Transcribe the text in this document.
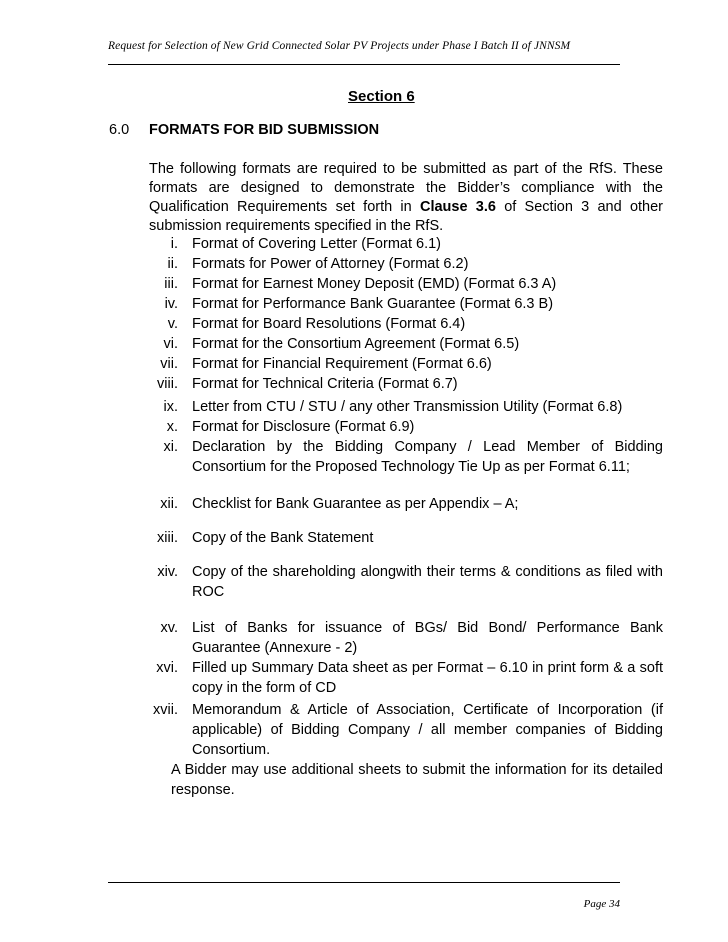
Request for Selection of New Grid Connected Solar PV Projects under Phase I Batch II of JNNSM
Section 6
6.0 FORMATS FOR BID SUBMISSION
The following formats are required to be submitted as part of the RfS. These
formats are designed to demonstrate the Bidder’s compliance with the
Qualification Requirements set forth in Clause 3.6 of Section 3 and other
submission requirements specified in the RfS.
i. Format of Covering Letter (Format 6.1)
ii. Formats for Power of Attorney (Format 6.2)
iii. Format for Earnest Money Deposit (EMD) (Format 6.3 A)
iv. Format for Performance Bank Guarantee (Format 6.3 B)
v. Format for Board Resolutions (Format 6.4)
vi. Format for the Consortium Agreement (Format 6.5)
vii. Format for Financial Requirement (Format 6.6)
viii. Format for Technical Criteria (Format 6.7)
ix. Letter from CTU / STU / any other Transmission Utility (Format 6.8)
x. Format for Disclosure (Format 6.9)
xi. Declaration by the Bidding Company / Lead Member of Bidding
Consortium for the Proposed Technology Tie Up as per Format 6.11;
xii. Checklist for Bank Guarantee as per Appendix – A;
xiii. Copy of the Bank Statement
xiv. Copy of the shareholding alongwith their terms & conditions as filed with
ROC
xv. List of Banks for issuance of BGs/ Bid Bond/ Performance Bank
Guarantee (Annexure - 2)
xvi. Filled up Summary Data sheet as per Format – 6.10 in print form & a soft
copy in the form of CD
xvii. Memorandum & Article of Association, Certificate of Incorporation (if
applicable) of Bidding Company / all member companies of Bidding
Consortium.
A Bidder may use additional sheets to submit the information for its detailed
response.
Page 34
